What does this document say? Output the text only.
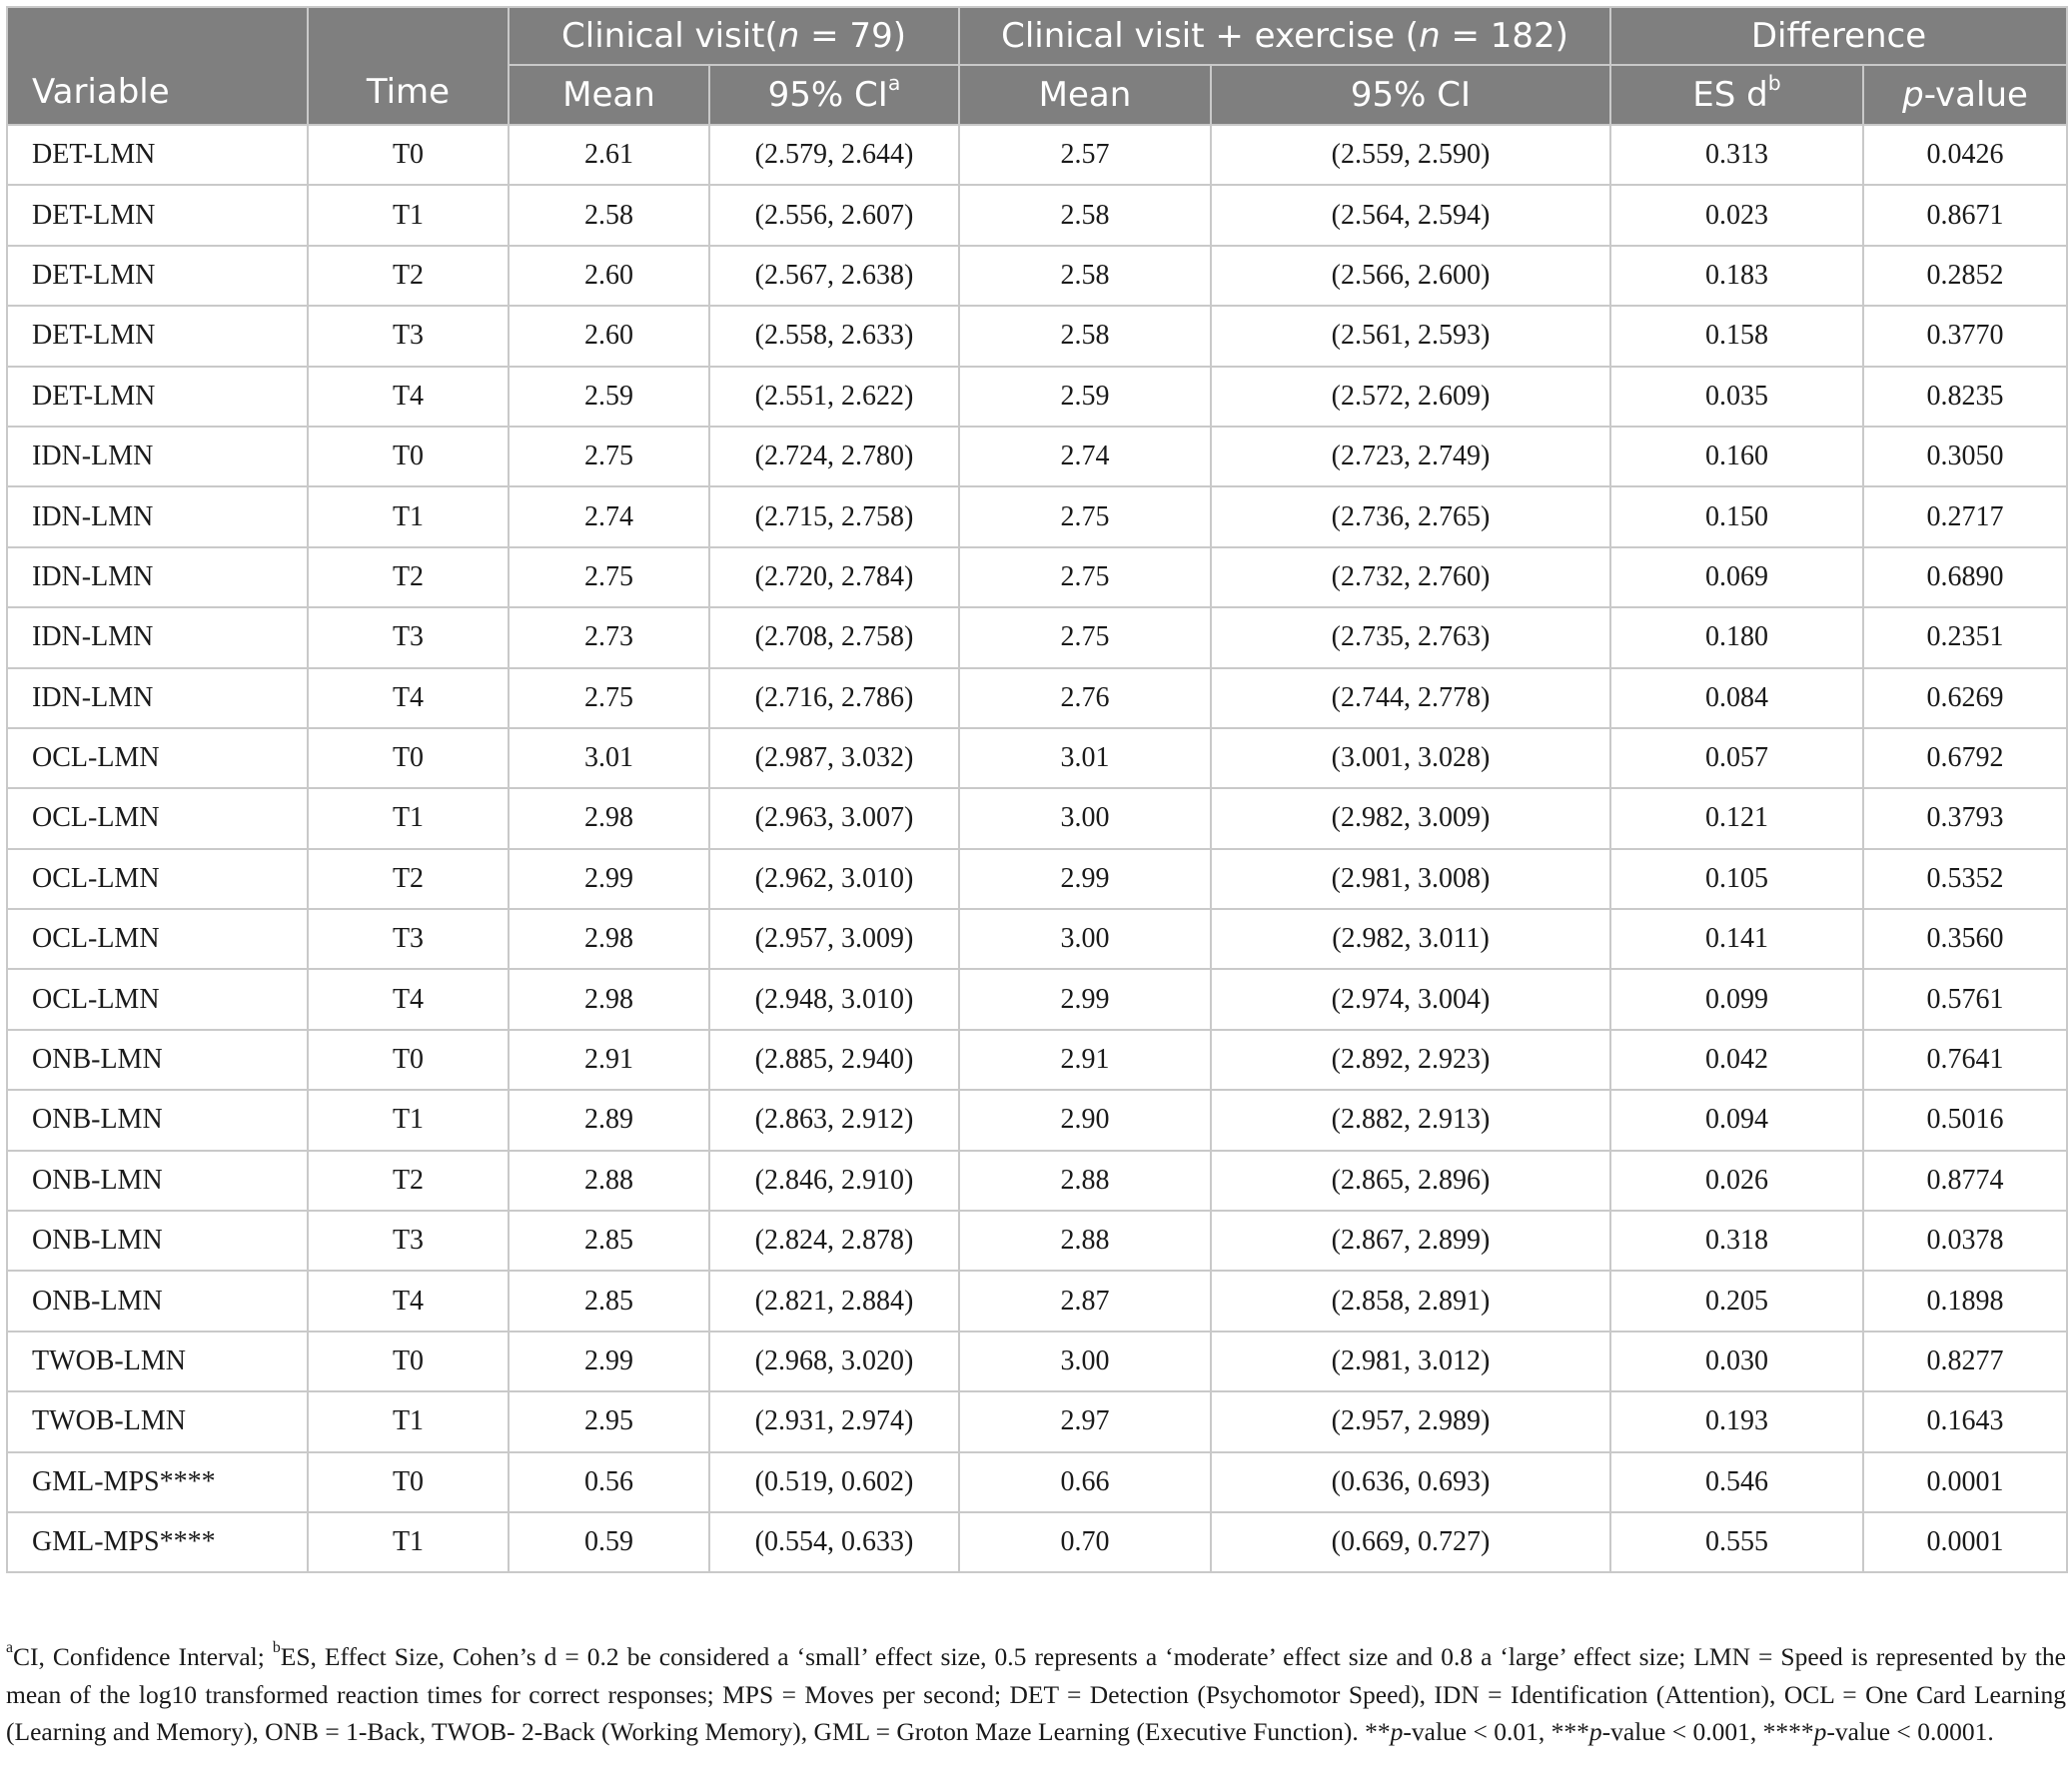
Variable	Time	Clinical visit(n = 79)		Clinical visit + exercise (n = 182)		Difference	
		Mean	95% $CI^a$	Mean	95% CI	ES $d^b$	p-value
DET-LMN	T0	2.61	(2.579, 2.644)	2.57	(2.559, 2.590)	0.313	0.0426
DET-LMN	T1	2.58	(2.556, 2.607)	2.58	(2.564, 2.594)	0.023	0.8671
DET-LMN	T2	2.60	(2.567, 2.638)	2.58	(2.566, 2.600)	0.183	0.2852
DET-LMN	T3	2.60	(2.558, 2.633)	2.58	(2.561, 2.593)	0.158	0.3770
DET-LMN	T4	2.59	(2.551, 2.622)	2.59	(2.572, 2.609)	0.035	0.8235
IDN-LMN	T0	2.75	(2.724, 2.780)	2.74	(2.723, 2.749)	0.160	0.3050
IDN-LMN	T1	2.74	(2.715, 2.758)	2.75	(2.736, 2.765)	0.150	0.2717
IDN-LMN	T2	2.75	(2.720, 2.784)	2.75	(2.732, 2.760)	0.069	0.6890
IDN-LMN	T3	2.73	(2.708, 2.758)	2.75	(2.735, 2.763)	0.180	0.2351
IDN-LMN	T4	2.75	(2.716, 2.786)	2.76	(2.744, 2.778)	0.084	0.6269
OCL-LMN	T0	3.01	(2.987, 3.032)	3.01	(3.001, 3.028)	0.057	0.6792
OCL-LMN	T1	2.98	(2.963, 3.007)	3.00	(2.982, 3.009)	0.121	0.3793
OCL-LMN	T2	2.99	(2.962, 3.010)	2.99	(2.981, 3.008)	0.105	0.5352
OCL-LMN	T3	2.98	(2.957, 3.009)	3.00	(2.982, 3.011)	0.141	0.3560
OCL-LMN	T4	2.98	(2.948, 3.010)	2.99	(2.974, 3.004)	0.099	0.5761
ONB-LMN	T0	2.91	(2.885, 2.940)	2.91	(2.892, 2.923)	0.042	0.7641
ONB-LMN	T1	2.89	(2.863, 2.912)	2.90	(2.882, 2.913)	0.094	0.5016
ONB-LMN	T2	2.88	(2.846, 2.910)	2.88	(2.865, 2.896)	0.026	0.8774
ONB-LMN	T3	2.85	(2.824, 2.878)	2.88	(2.867, 2.899)	0.318	0.0378
ONB-LMN	T4	2.85	(2.821, 2.884)	2.87	(2.858, 2.891)	0.205	0.1898
TWOB-LMN	T0	2.99	(2.968, 3.020)	3.00	(2.981, 3.012)	0.030	0.8277
TWOB-LMN	T1	2.95	(2.931, 2.974)	2.97	(2.957, 2.989)	0.193	0.1643
GML-MPS****	T0	0.56	(0.519, 0.602)	0.66	(0.636, 0.693)	0.546	0.0001
GML-MPS****	T1	0.59	(0.554, 0.633)	0.70	(0.669, 0.727)	0.555	0.0001
$^a$CI, Confidence Interval; $^b$ES, Effect Size, Cohen’s d = 0.2 be considered a ‘small’ effect size, 0.5 represents a ‘moderate’ effect size and 0.8 a ‘large’ effect size; LMN = Speed is represented by the mean of the log10 transformed reaction times for correct responses; MPS = Moves per second; DET = Detection (Psychomotor Speed), IDN = Identification (Attention), OCL = One Card Learning (Learning and Memory), ONB = 1-Back, TWOB- 2-Back (Working Memory), GML = Groton Maze Learning (Executive Function). **p-value < 0.01, ***p-value < 0.001, ****p-value < 0.0001.
